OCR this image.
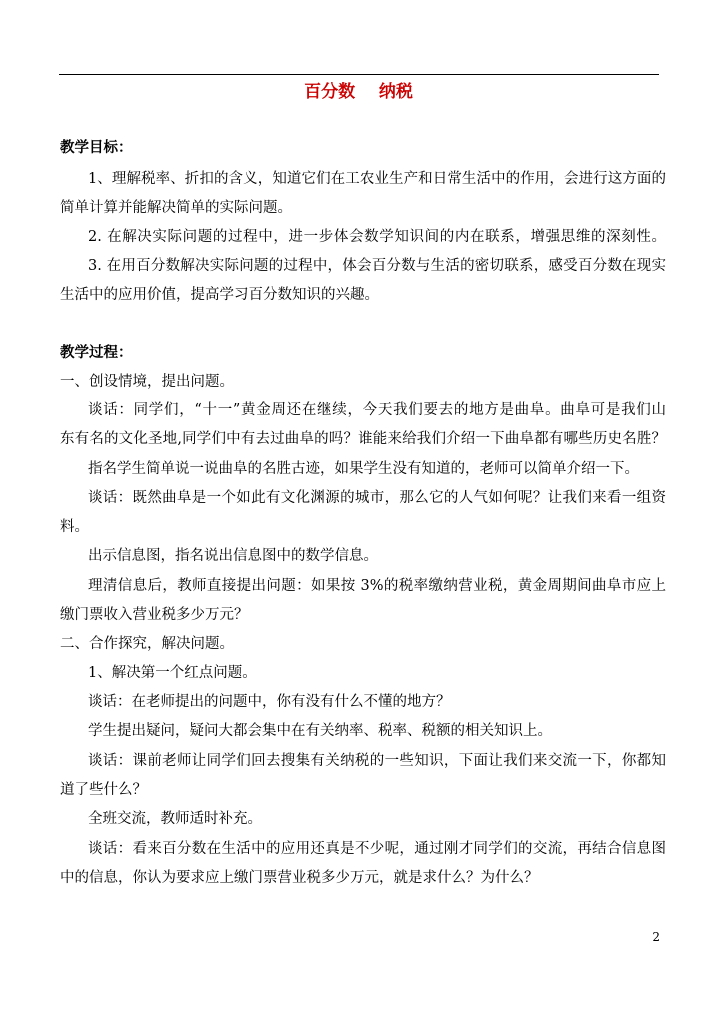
百分数    纳税
教学目标：
1、理解税率、折扣的含义，知道它们在工农业生产和日常生活中的作用，会进行这方面的
简单计算并能解决简单的实际问题。
2. 在解决实际问题的过程中，进一步体会数学知识间的内在联系，增强思维的深刻性。
3. 在用百分数解决实际问题的过程中，体会百分数与生活的密切联系，感受百分数在现实
生活中的应用价值，提高学习百分数知识的兴趣。
教学过程：
一、创设情境，提出问题。
谈话：同学们，“十一”黄金周还在继续，今天我们要去的地方是曲阜。曲阜可是我们山
东有名的文化圣地,同学们中有去过曲阜的吗？谁能来给我们介绍一下曲阜都有哪些历史名胜？
指名学生简单说一说曲阜的名胜古迹，如果学生没有知道的，老师可以简单介绍一下。
谈话：既然曲阜是一个如此有文化渊源的城市，那么它的人气如何呢？让我们来看一组资
料。
出示信息图，指名说出信息图中的数学信息。
理清信息后，教师直接提出问题：如果按 3%的税率缴纳营业税，黄金周期间曲阜市应上
缴门票收入营业税多少万元？
二、合作探究，解决问题。
1、解决第一个红点问题。
谈话：在老师提出的问题中，你有没有什么不懂的地方？
学生提出疑问，疑问大都会集中在有关纳率、税率、税额的相关知识上。
谈话：课前老师让同学们回去搜集有关纳税的一些知识，下面让我们来交流一下，你都知
道了些什么？
全班交流，教师适时补充。
谈话：看来百分数在生活中的应用还真是不少呢，通过刚才同学们的交流，再结合信息图
中的信息，你认为要求应上缴门票营业税多少万元，就是求什么？为什么？
2
